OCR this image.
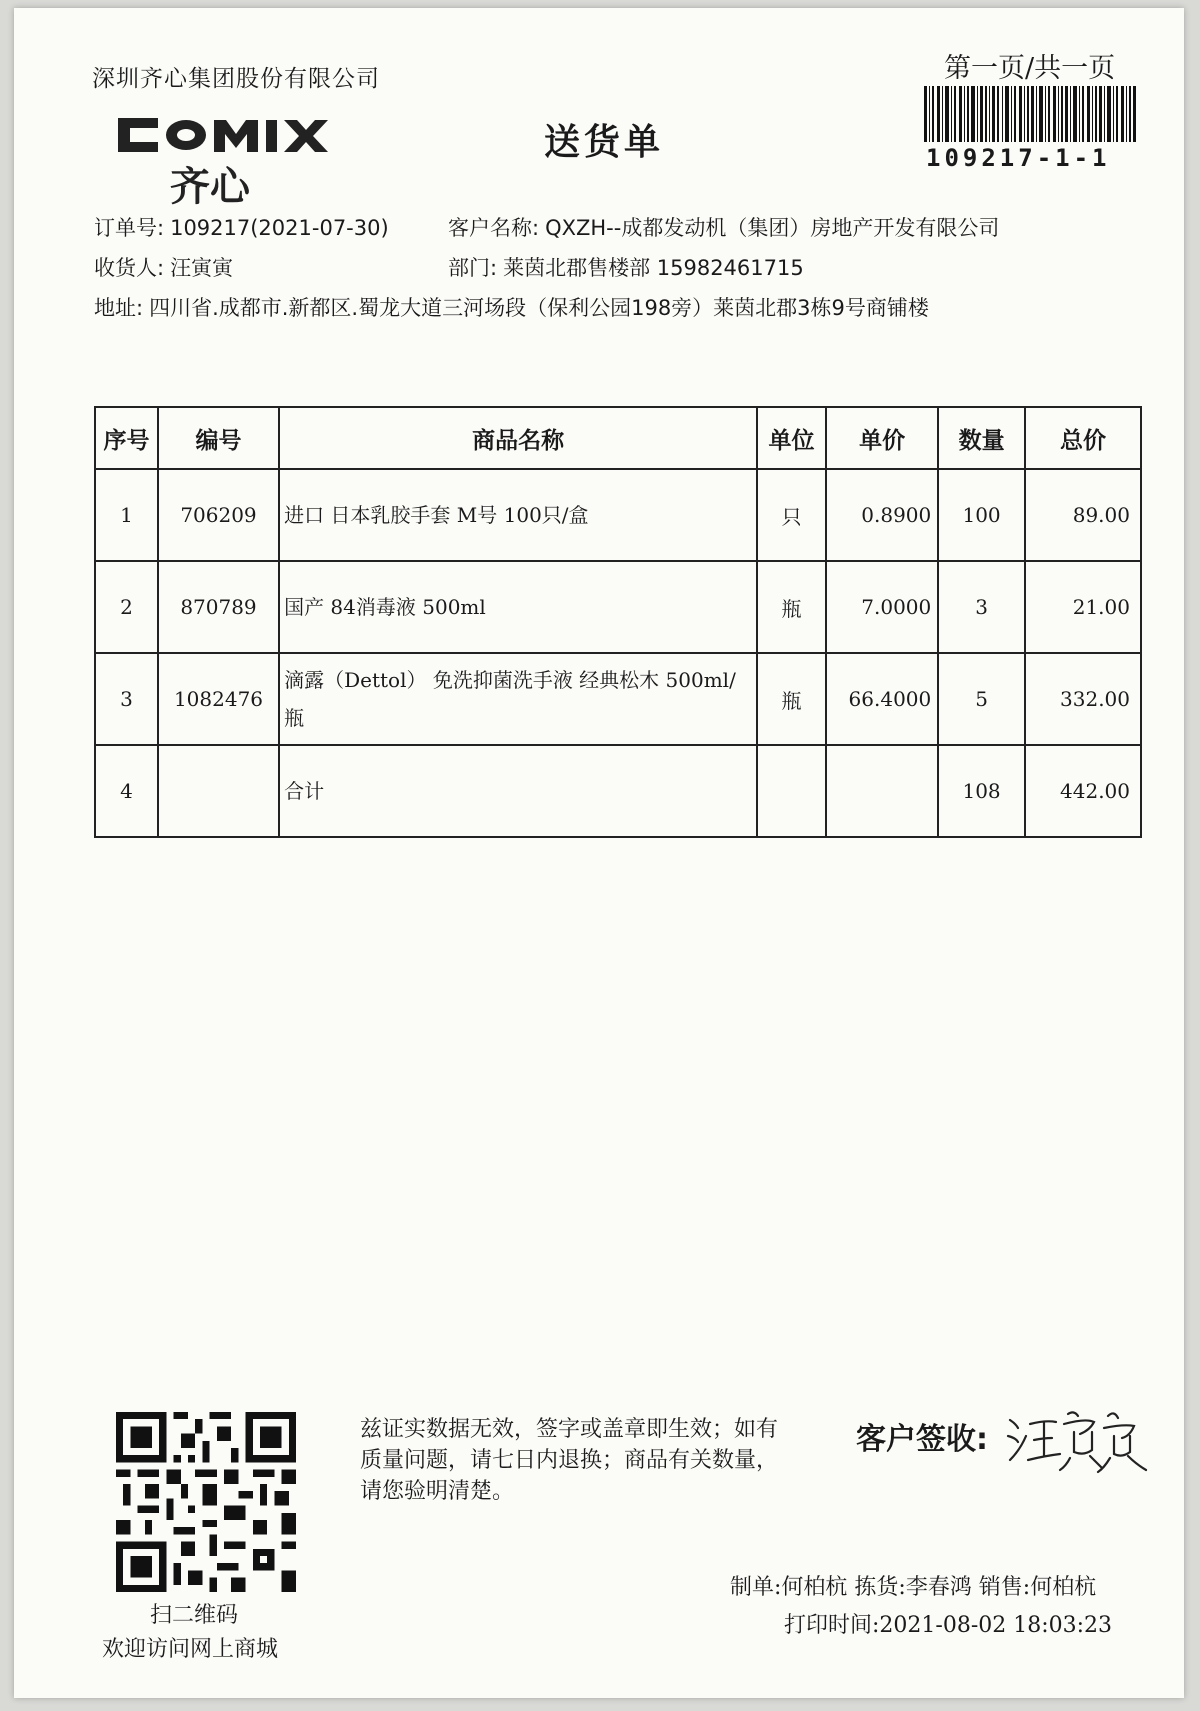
深圳齐心集团股份有限公司
齐心
送货单
第一页/共一页
109217-1-1
订单号: 109217(2021-07-30)	客户名称: QXZH--成都发动机（集团）房地产开发有限公司
收货人: 汪寅寅	部门: 莱茵北郡售楼部 15982461715
地址: 四川省.成都市.新都区.蜀龙大道三河场段（保利公园198旁）莱茵北郡3栋9号商铺楼
序号	编号	商品名称	单位	单价	数量	总价
1	706209	进口 日本乳胶手套 M号 100只/盒	只	0.8900	100	89.00
2	870789	国产 84消毒液 500ml	瓶	7.0000	3	21.00
3	1082476	滴露（Dettol） 免洗抑菌洗手液 经典松木 500ml/瓶	瓶	66.4000	5	332.00
4		合计			108	442.00
扫二维码
欢迎访问网上商城
兹证实数据无效，签字或盖章即生效；如有质量问题，请七日内退换；商品有关数量，请您验明清楚。
客户签收:
制单:何柏杭 拣货:李春鸿 销售:何柏杭
打印时间:2021-08-02 18:03:23
